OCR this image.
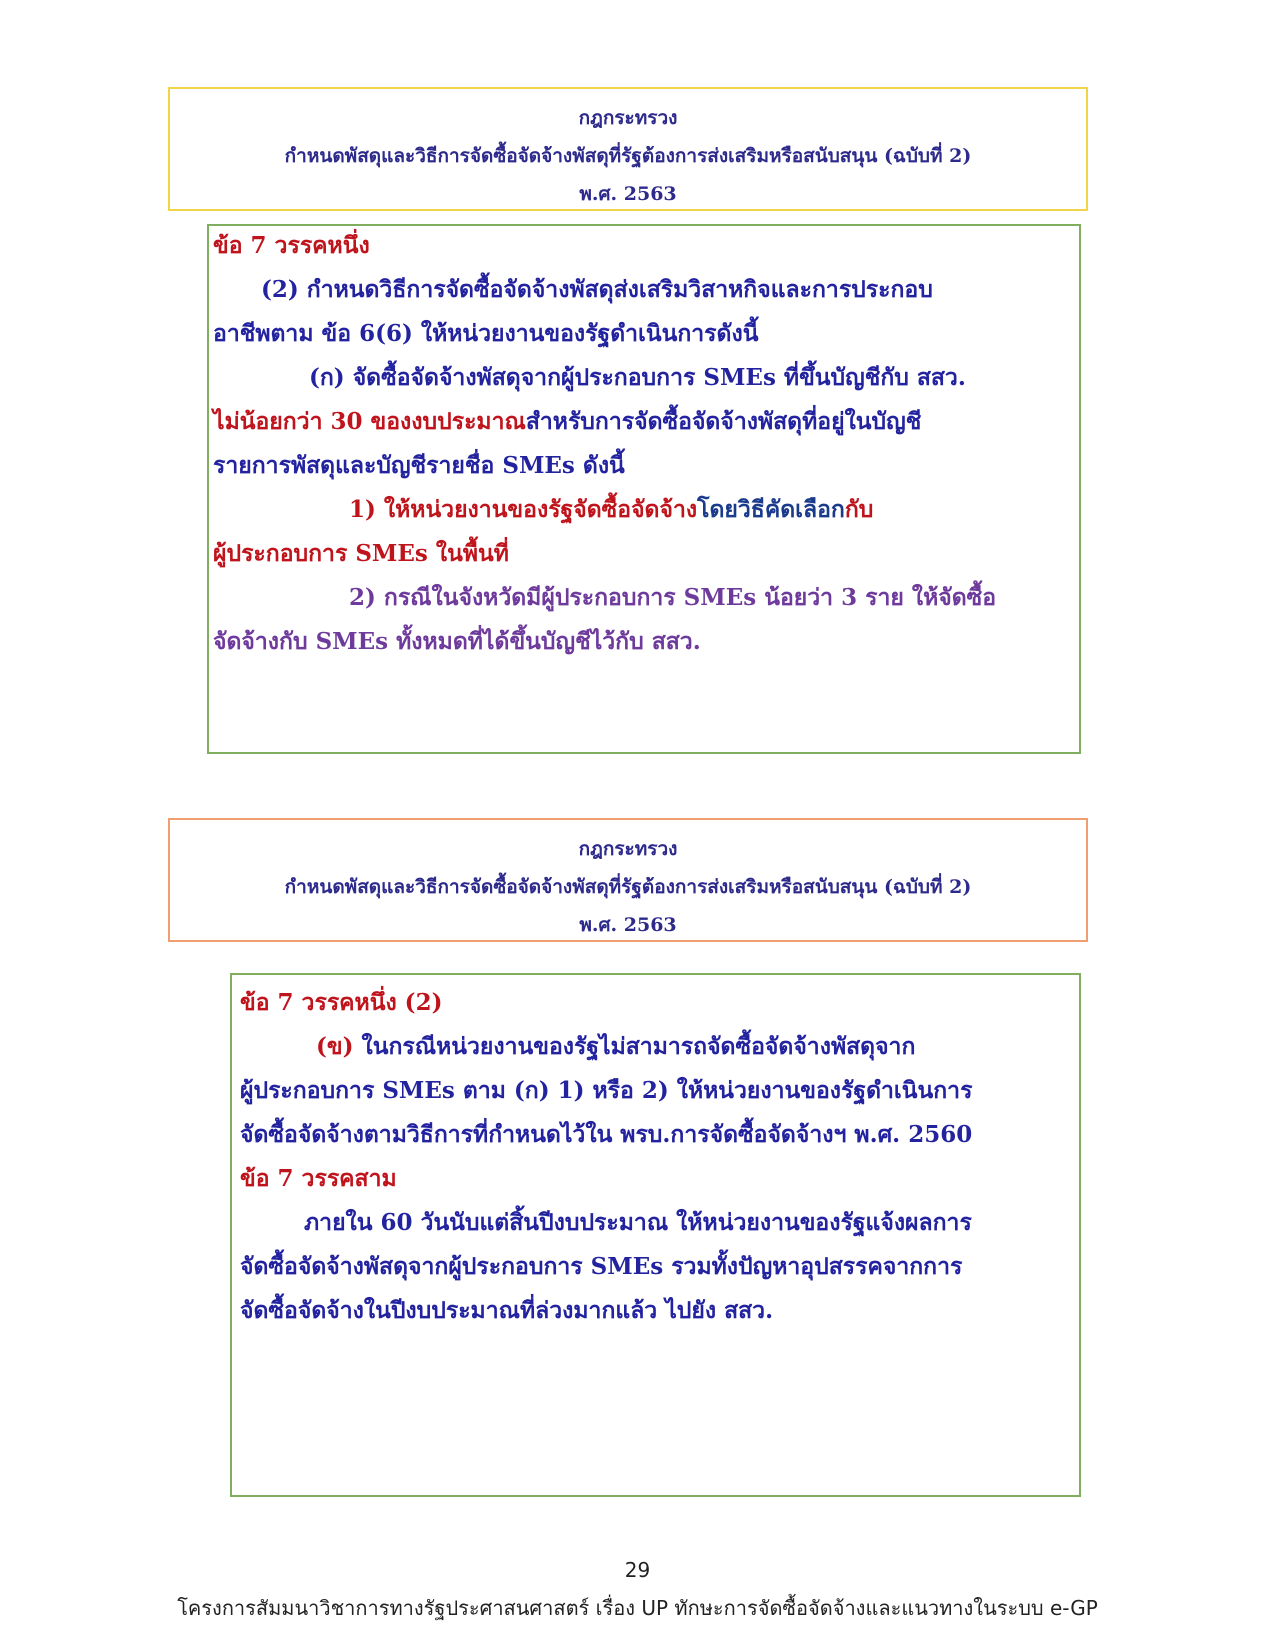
กฎกระทรวง
กำหนดพัสดุและวิธีการจัดซื้อจัดจ้างพัสดุที่รัฐต้องการส่งเสริมหรือสนับสนุน (ฉบับที่ 2)
พ.ศ. 2563
ข้อ 7 วรรคหนึ่ง
(2) กำหนดวิธีการจัดซื้อจัดจ้างพัสดุส่งเสริมวิสาหกิจและการประกอบ
อาชีพตาม ข้อ 6(6) ให้หน่วยงานของรัฐดำเนินการดังนี้
(ก) จัดซื้อจัดจ้างพัสดุจากผู้ประกอบการ SMEs ที่ขึ้นบัญชีกับ สสว.
ไม่น้อยกว่า 30 ของงบประมาณสำหรับการจัดซื้อจัดจ้างพัสดุที่อยู่ในบัญชี
รายการพัสดุและบัญชีรายชื่อ SMEs ดังนี้
1) ให้หน่วยงานของรัฐจัดซื้อจัดจ้างโดยวิธีคัดเลือกกับ
ผู้ประกอบการ SMEs ในพื้นที่
2) กรณีในจังหวัดมีผู้ประกอบการ SMEs น้อยว่า 3 ราย ให้จัดซื้อ
จัดจ้างกับ SMEs ทั้งหมดที่ได้ขึ้นบัญชีไว้กับ สสว.
กฎกระทรวง
กำหนดพัสดุและวิธีการจัดซื้อจัดจ้างพัสดุที่รัฐต้องการส่งเสริมหรือสนับสนุน (ฉบับที่ 2)
พ.ศ. 2563
ข้อ 7 วรรคหนึ่ง (2)
(ข) ในกรณีหน่วยงานของรัฐไม่สามารถจัดซื้อจัดจ้างพัสดุจาก
ผู้ประกอบการ SMEs ตาม (ก) 1) หรือ 2) ให้หน่วยงานของรัฐดำเนินการ
จัดซื้อจัดจ้างตามวิธีการที่กำหนดไว้ใน พรบ.การจัดซื้อจัดจ้างฯ พ.ศ. 2560
ข้อ 7 วรรคสาม
ภายใน 60 วันนับแต่สิ้นปีงบประมาณ ให้หน่วยงานของรัฐแจ้งผลการ
จัดซื้อจัดจ้างพัสดุจากผู้ประกอบการ SMEs รวมทั้งปัญหาอุปสรรคจากการ
จัดซื้อจัดจ้างในปีงบประมาณที่ล่วงมากแล้ว ไปยัง สสว.
29
โครงการสัมมนาวิชาการทางรัฐประศาสนศาสตร์ เรื่อง UP ทักษะการจัดซื้อจัดจ้างและแนวทางในระบบ e-GP
